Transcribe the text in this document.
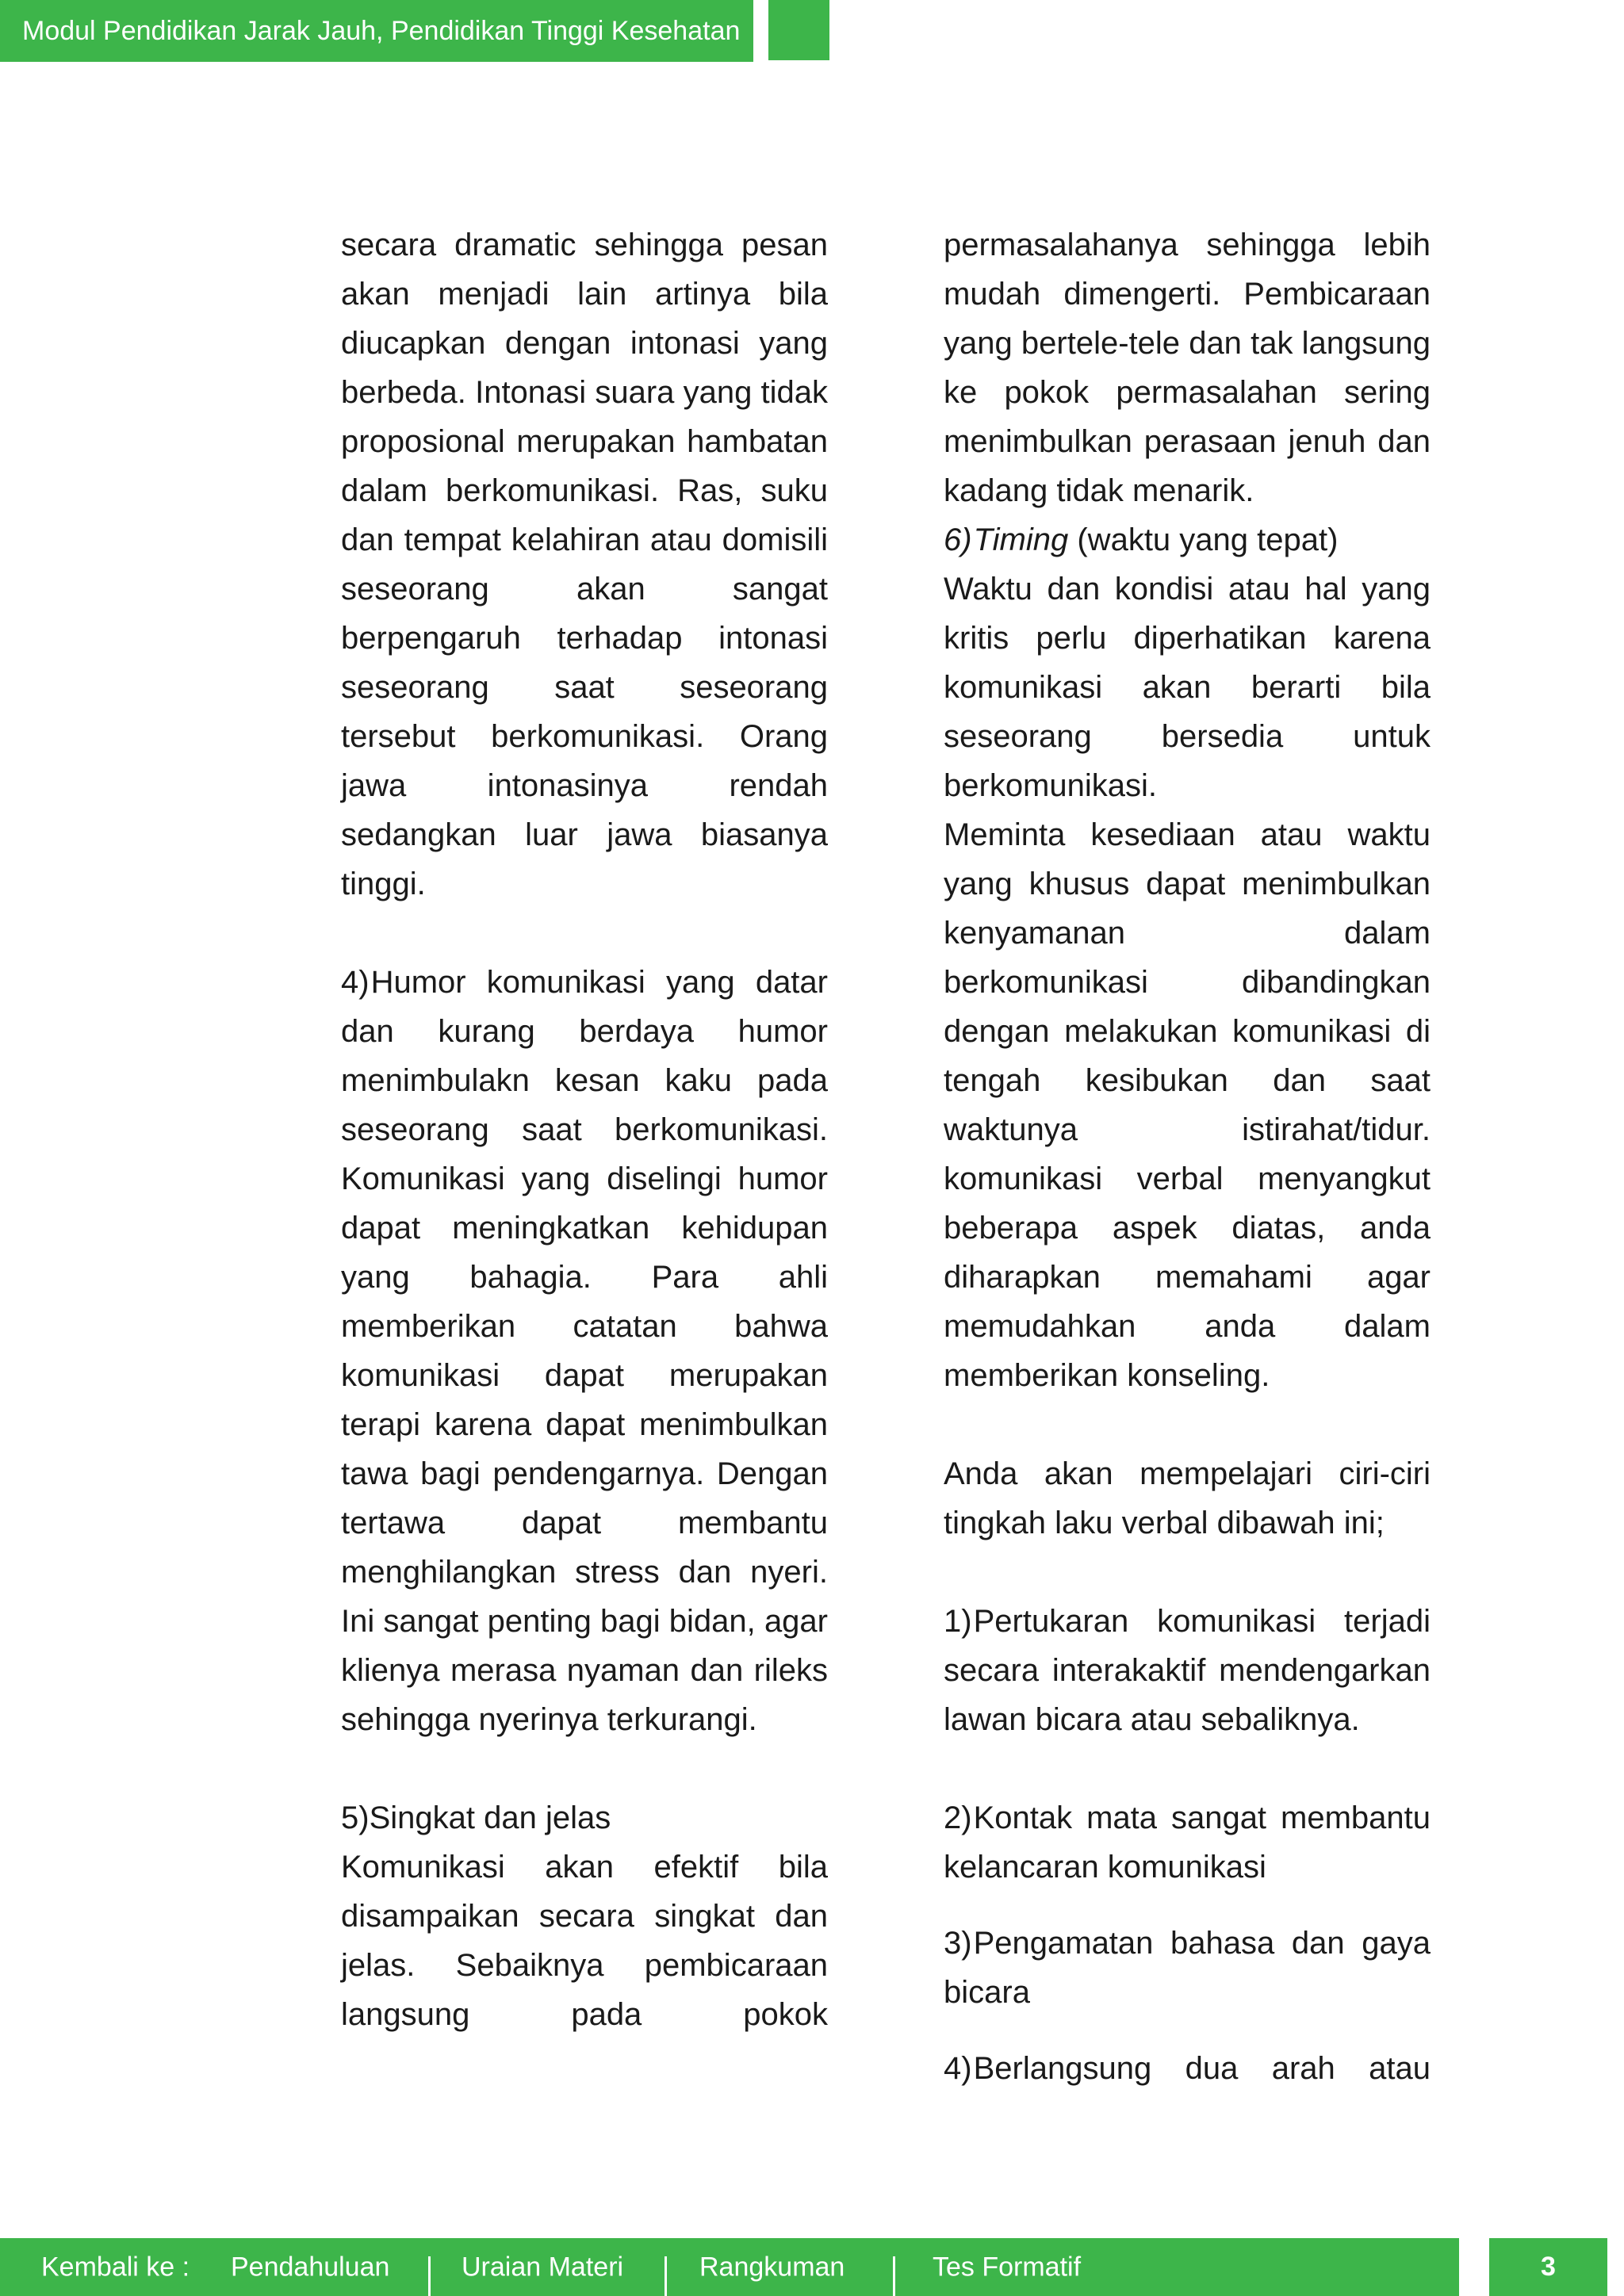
Modul Pendidikan Jarak Jauh, Pendidikan Tinggi Kesehatan

secara dramatic sehingga pesan akan menjadi lain artinya bila diucapkan dengan intonasi yang berbeda. Intonasi suara yang tidak proposional merupakan hambatan dalam berkomunikasi. Ras, suku dan tempat kelahiran atau domisili seseorang akan sangat berpengaruh terhadap intonasi seseorang saat seseorang tersebut berkomunikasi. Orang jawa intonasinya rendah sedangkan luar jawa biasanya tinggi.

4)Humor komunikasi yang datar dan kurang berdaya humor menimbulakn kesan kaku pada seseorang saat berkomunikasi. Komunikasi yang diselingi humor dapat meningkatkan kehidupan yang bahagia. Para ahli memberikan catatan bahwa komunikasi dapat merupakan terapi karena dapat menimbulkan tawa bagi pendengarnya. Dengan tertawa dapat membantu menghilangkan stress dan nyeri. Ini sangat penting bagi bidan, agar klienya merasa nyaman dan rileks sehingga nyerinya terkurangi.

5)Singkat dan jelas

Komunikasi akan efektif bila disampaikan secara singkat dan jelas. Sebaiknya pembicaraan langsung pada pokok

permasalahanya sehingga lebih mudah dimengerti. Pembicaraan yang bertele-tele dan tak langsung ke pokok permasalahan sering menimbulkan perasaan jenuh dan kadang tidak menarik.

6)Timing (waktu yang tepat)

Waktu dan kondisi atau hal yang kritis perlu diperhatikan karena komunikasi akan berarti bila seseorang bersedia untuk berkomunikasi.

Meminta kesediaan atau waktu yang khusus dapat menimbulkan kenyamanan dalam berkomunikasi dibandingkan dengan melakukan komunikasi di tengah kesibukan dan saat waktunya istirahat/tidur. komunikasi verbal menyangkut beberapa aspek diatas, anda diharapkan memahami agar memudahkan anda dalam memberikan konseling.

Anda akan mempelajari ciri-ciri tingkah laku verbal dibawah ini;

1)Pertukaran komunikasi terjadi secara interakaktif mendengarkan lawan bicara atau sebaliknya.

2)Kontak mata sangat membantu kelancaran komunikasi

3)Pengamatan bahasa dan gaya bicara

4)Berlangsung dua arah atau

Kembali ke : Pendahuluan	Uraian Materi	Rangkuman	Tes Formatif	3
